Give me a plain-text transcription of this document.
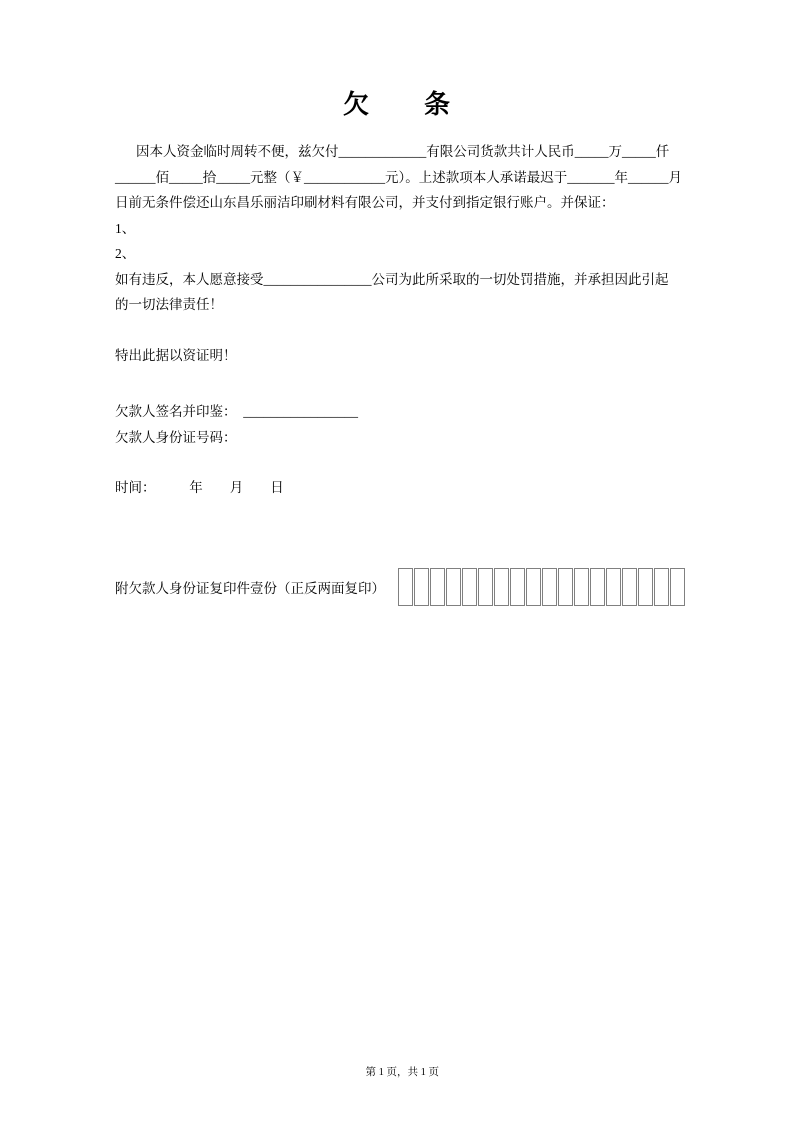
欠　　条
因本人资金临时周转不便，兹欠付_____________有限公司货款共计人民币_____万_____仟
______佰_____拾_____元整（￥____________元）。上述款项本人承诺最迟于_______年______月
日前无条件偿还山东昌乐丽洁印刷材料有限公司，并支付到指定银行账户。并保证：
1、
2、
如有违反，本人愿意接受________________公司为此所采取的一切处罚措施，并承担因此引起
的一切法律责任！
特出此据以资证明！
欠款人签名并印鉴：  _________________
欠款人身份证号码：
时间：　　　年　　月　　日
附欠款人身份证复印件壹份（正反两面复印）

第 1 页，共 1 页
